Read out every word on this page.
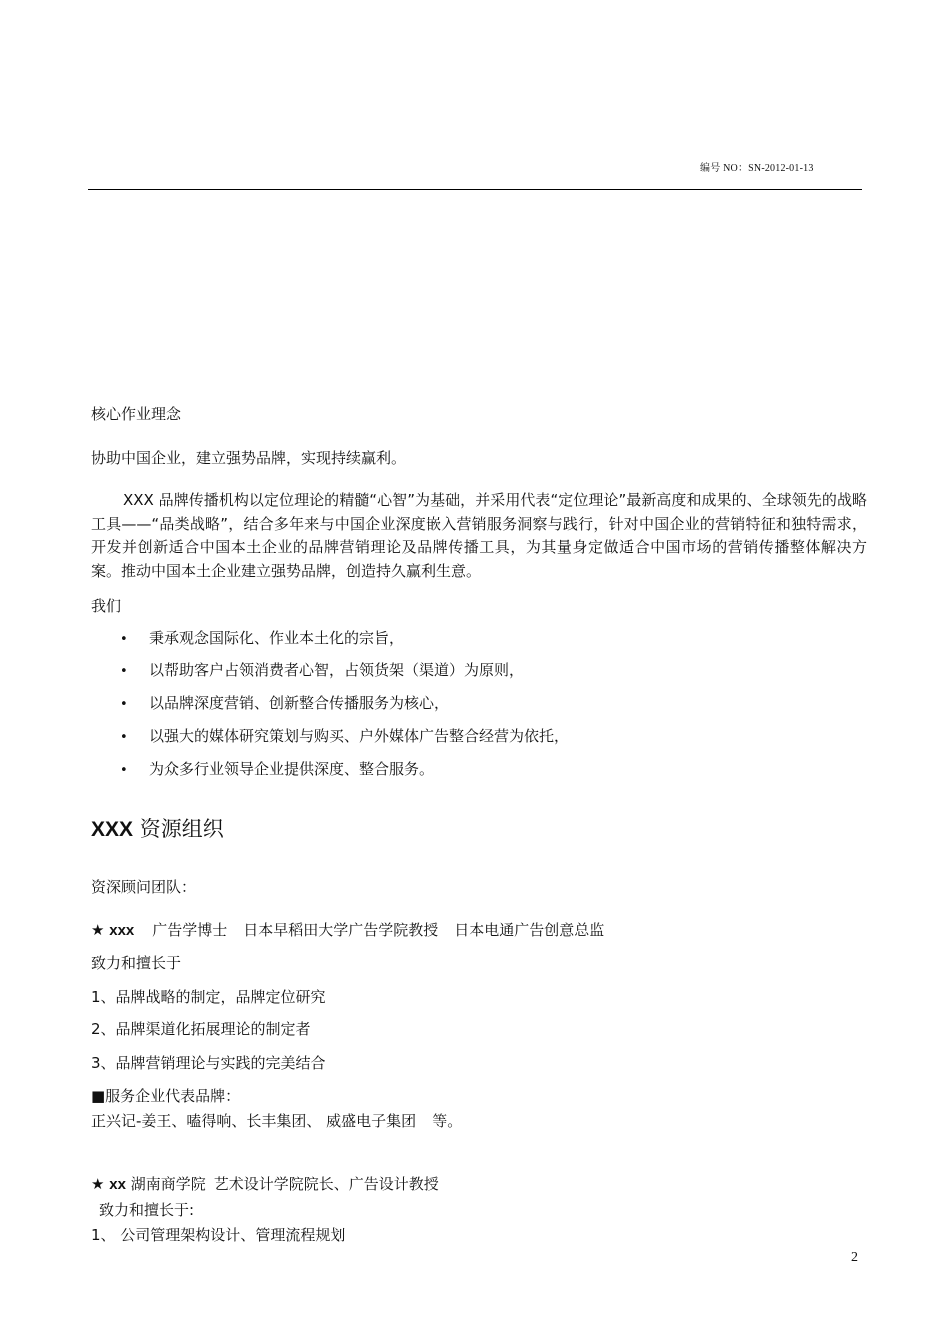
编号 NO：SN-2012-01-13
核心作业理念
协助中国企业，建立强势品牌，实现持续赢利。
XXX 品牌传播机构以定位理论的精髓“心智”为基础，并采用代表“定位理论”最新高度和成果的、全球领先的战略工具——“品类战略”，结合多年来与中国企业深度嵌入营销服务洞察与践行，针对中国企业的营销特征和独特需求，开发并创新适合中国本土企业的品牌营销理论及品牌传播工具，为其量身定做适合中国市场的营销传播整体解决方案。推动中国本土企业建立强势品牌，创造持久赢利生意。
我们
• 秉承观念国际化、作业本土化的宗旨，
• 以帮助客户占领消费者心智，占领货架（渠道）为原则，
• 以品牌深度营销、创新整合传播服务为核心，
• 以强大的媒体研究策划与购买、户外媒体广告整合经营为依托，
• 为众多行业领导企业提供深度、整合服务。
XXX 资源组织
资深顾问团队：
★ xxx 广告学博士 日本早稻田大学广告学院教授 日本电通广告创意总监
致力和擅长于
1、品牌战略的制定，品牌定位研究
2、品牌渠道化拓展理论的制定者
3、品牌营销理论与实践的完美结合
■服务企业代表品牌：
正兴记-姜王、嗑得响、长丰集团、 威盛电子集团 等。
★ xx 湖南商学院 艺术设计学院院长、广告设计教授
致力和擅长于:
1、 公司管理架构设计、管理流程规划
2
